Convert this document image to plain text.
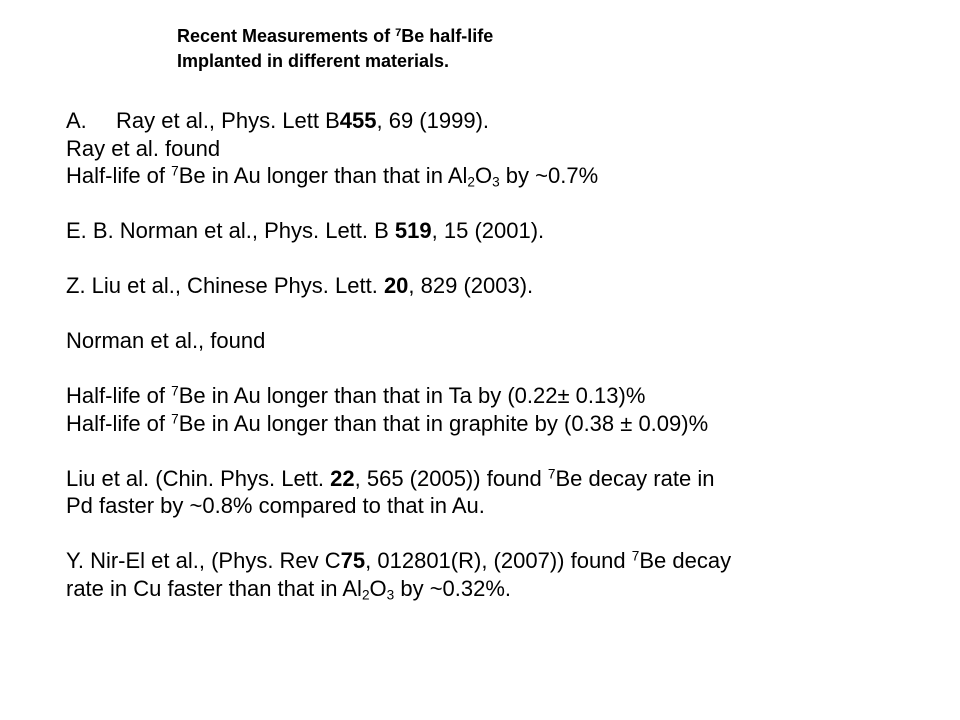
Recent Measurements of $^7$Be half-life
Implanted in different materials.
A. Ray et al., Phys. Lett B455, 69 (1999).
Ray et al. found
Half-life of $^7$Be in Au longer than that in $Al_2O_3$ by ~0.7%
E. B. Norman et al., Phys. Lett. B 519, 15 (2001).
Z. Liu et al., Chinese Phys. Lett. 20, 829 (2003).
Norman et al., found
Half-life of $^7$Be in Au longer than that in Ta by (0.22± 0.13)%
Half-life of $^7$Be in Au longer than that in graphite by (0.38 ± 0.09)%
Liu et al. (Chin. Phys. Lett. 22, 565 (2005)) found $^7$Be decay rate in
Pd faster by ~0.8% compared to that in Au.
Y. Nir-El et al., (Phys. Rev C75, 012801(R), (2007)) found $^7$Be decay
rate in Cu faster than that in $Al_2O_3$ by ~0.32%.
